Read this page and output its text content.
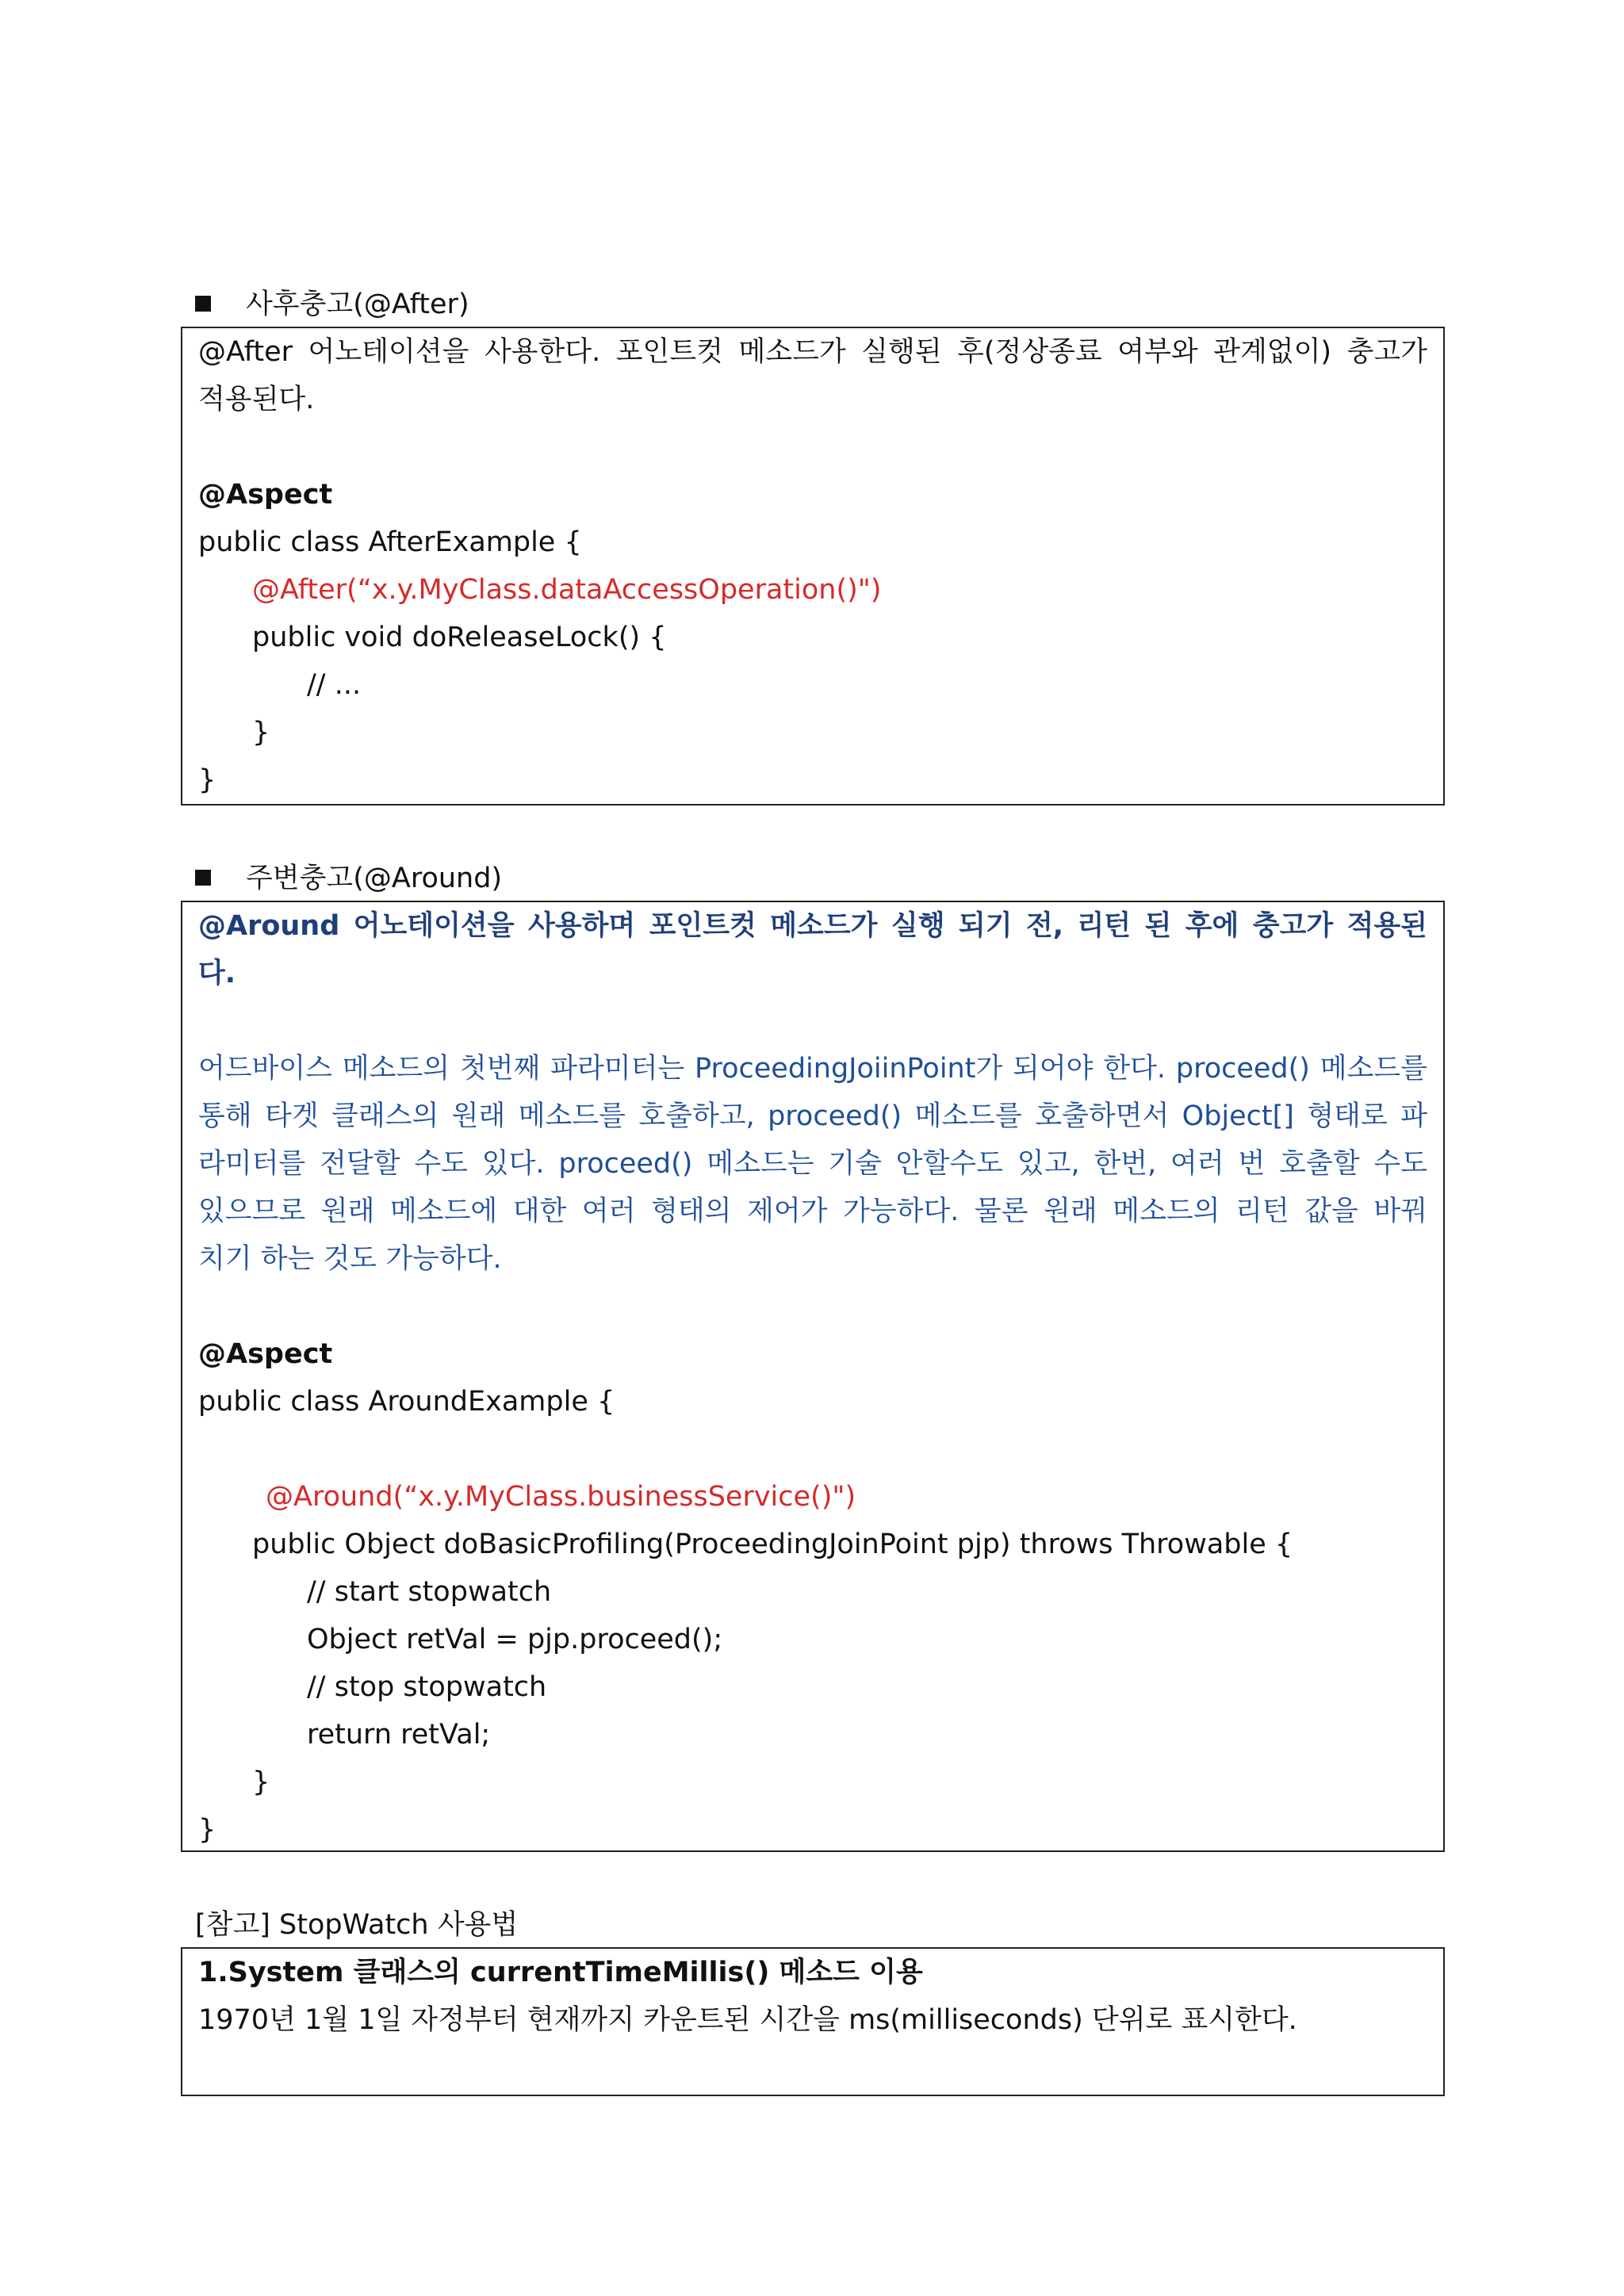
사후충고(@After)
@After 어노테이션을 사용한다. 포인트컷 메소드가 실행된 후(정상종료 여부와 관계없이) 충고가
적용된다.
@Aspect
public class AfterExample {
@After(“x.y.MyClass.dataAccessOperation()")
public void doReleaseLock() {
// ...
}
}
주변충고(@Around)
@Around 어노테이션을 사용하며 포인트컷 메소드가 실행 되기 전, 리턴 된 후에 충고가 적용된
다.
어드바이스 메소드의 첫번째 파라미터는 ProceedingJoiinPoint가 되어야 한다. proceed() 메소드를
통해 타겟 클래스의 원래 메소드를 호출하고, proceed() 메소드를 호출하면서 Object[] 형태로 파
라미터를 전달할 수도 있다. proceed() 메소드는 기술 안할수도 있고, 한번, 여러 번 호출할 수도
있으므로 원래 메소드에 대한 여러 형태의 제어가 가능하다. 물론 원래 메소드의 리턴 값을 바꿔
치기 하는 것도 가능하다.
@Aspect
public class AroundExample {
@Around(“x.y.MyClass.businessService()")
public Object doBasicProfiling(ProceedingJoinPoint pjp) throws Throwable {
// start stopwatch
Object retVal = pjp.proceed();
// stop stopwatch
return retVal;
}
}
[참고] StopWatch 사용법
1.System 클래스의 currentTimeMillis() 메소드 이용
1970년 1월 1일 자정부터 현재까지 카운트된 시간을 ms(milliseconds) 단위로 표시한다.
